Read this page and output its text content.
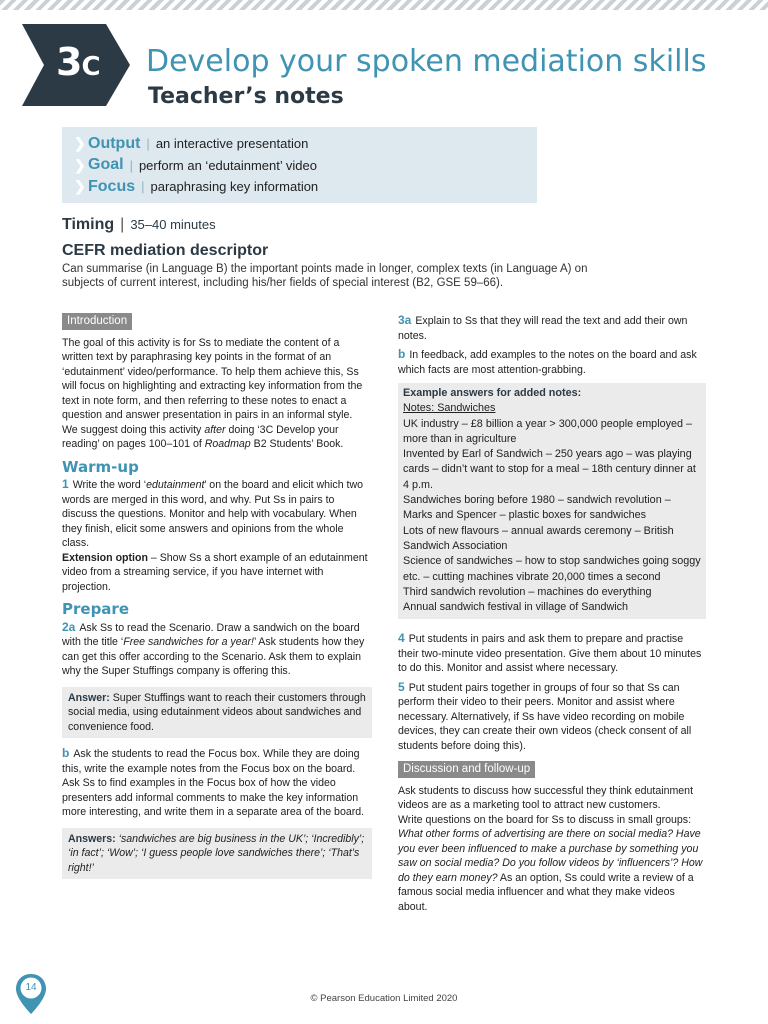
3C Develop your spoken mediation skills
Teacher’s notes
❯ Output | an interactive presentation
❯ Goal | perform an ‘edutainment’ video
❯ Focus | paraphrasing key information
Timing | 35–40 minutes
CEFR mediation descriptor

Can summarise (in Language B) the important points made in longer, complex texts (in Language A) on subjects of current interest, including his/her fields of special interest (B2, GSE 59–66).

Introduction

The goal of this activity is for Ss to mediate the content of a written text by paraphrasing key points in the format of an ‘edutainment’ video/performance. To help them achieve this, Ss will focus on highlighting and extracting key information from the text in note form, and then referring to these notes to enact a question and answer presentation in pairs in an informal style.

We suggest doing this activity after doing ‘3C Develop your reading’ on pages 100–101 of Roadmap B2 Students’ Book.

Warm-up

1 Write the word ‘edutainment’ on the board and elicit which two words are merged in this word, and why. Put Ss in pairs to discuss the questions. Monitor and help with vocabulary. When they finish, elicit some answers and opinions from the whole class.

Extension option – Show Ss a short example of an edutainment video from a streaming service, if you have internet with projection.

Prepare

2a Ask Ss to read the Scenario. Draw a sandwich on the board with the title ‘Free sandwiches for a year!’ Ask students how they can get this offer according to the Scenario. Ask them to explain why the Super Stuffings company is offering this.

Answer: Super Stuffings want to reach their customers through social media, using edutainment videos about sandwiches and convenience food.

b Ask the students to read the Focus box. While they are doing this, write the example notes from the Focus box on the board. Ask Ss to find examples in the Focus box of how the video presenters add informal comments to make the key information more interesting, and write them in a separate area of the board.

Answers: ‘sandwiches are big business in the UK’; ‘Incredibly’; ‘in fact’; ‘Wow’; ‘I guess people love sandwiches there’; ‘That’s right!’

3a Explain to Ss that they will read the text and add their own notes.

b In feedback, add examples to the notes on the board and ask which facts are most attention-grabbing.

Example answers for added notes:
Notes: Sandwiches
UK industry – £8 billion a year > 300,000 people employed – more than in agriculture
Invented by Earl of Sandwich – 250 years ago – was playing cards – didn’t want to stop for a meal – 18th century dinner at 4 p.m.
Sandwiches boring before 1980 – sandwich revolution – Marks and Spencer – plastic boxes for sandwiches
Lots of new flavours – annual awards ceremony – British Sandwich Association
Science of sandwiches – how to stop sandwiches going soggy etc. – cutting machines vibrate 20,000 times a second
Third sandwich revolution – machines do everything
Annual sandwich festival in village of Sandwich

4 Put students in pairs and ask them to prepare and practise their two-minute video presentation. Give them about 10 minutes to do this. Monitor and assist where necessary.

5 Put student pairs together in groups of four so that Ss can perform their video to their peers. Monitor and assist where necessary. Alternatively, if Ss have video recording on mobile devices, they can create their own videos (check consent of all students before doing this).

Discussion and follow-up

Ask students to discuss how successful they think edutainment videos are as a marketing tool to attract new customers.

Write questions on the board for Ss to discuss in small groups: What other forms of advertising are there on social media? Have you ever been influenced to make a purchase by something you saw on social media? Do you follow videos by ‘influencers’? How do they earn money? As an option, Ss could write a review of a famous social media influencer and what they make videos about.

14
© Pearson Education Limited 2020
